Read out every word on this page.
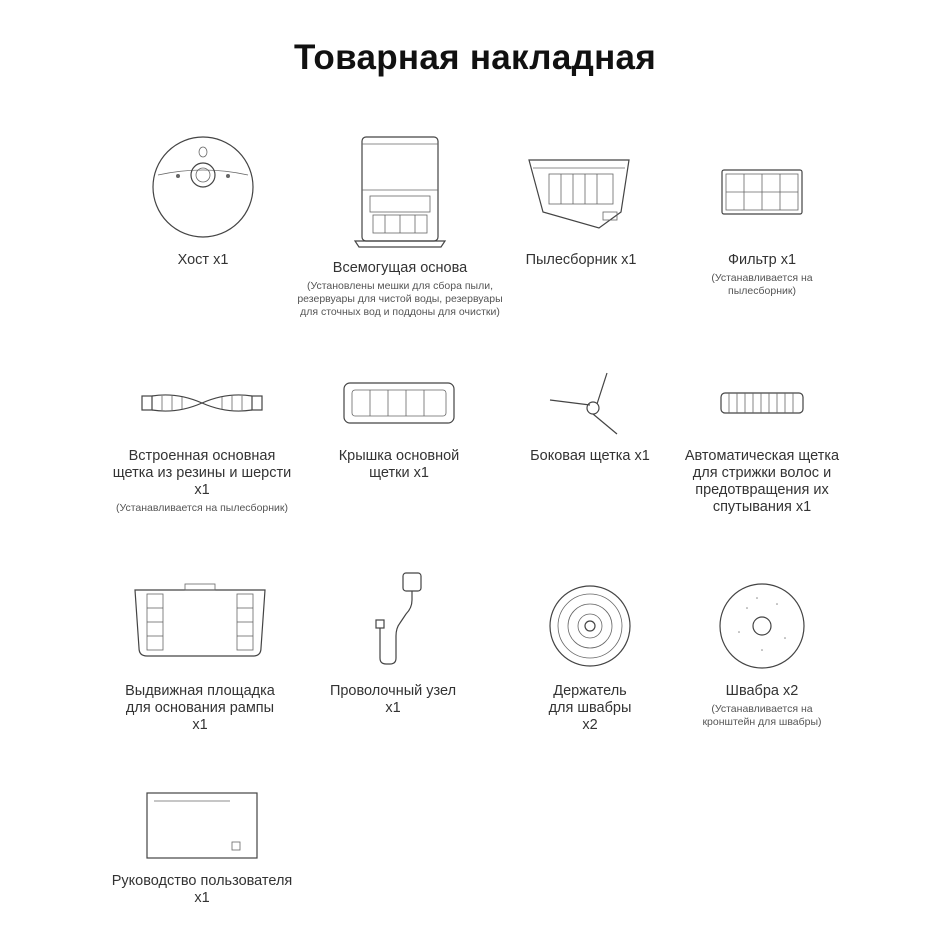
Товарная накладная
Хост x1	Всемогущая основа
(Установлены мешки для сбора пыли,
резервуары для чистой воды, резервуары
для сточных вод и поддоны для очистки)
Пылесборник x1	Фильтр x1
(Устанавливается на
пылесборник)
Встроенная основная
щетка из резины и шерсти
x1
(Устанавливается на пылесборник)
Крышка основной
щетки x1
Боковая щетка x1	Автоматическая щетка
для стрижки волос и
предотвращения их
спутывания x1
Выдвижная площадка
для основания рампы
x1
Проволочный узел
x1
Держатель
для швабры
x2
Швабра x2
(Устанавливается на
кронштейн для швабры)
Руководство пользователя
x1
